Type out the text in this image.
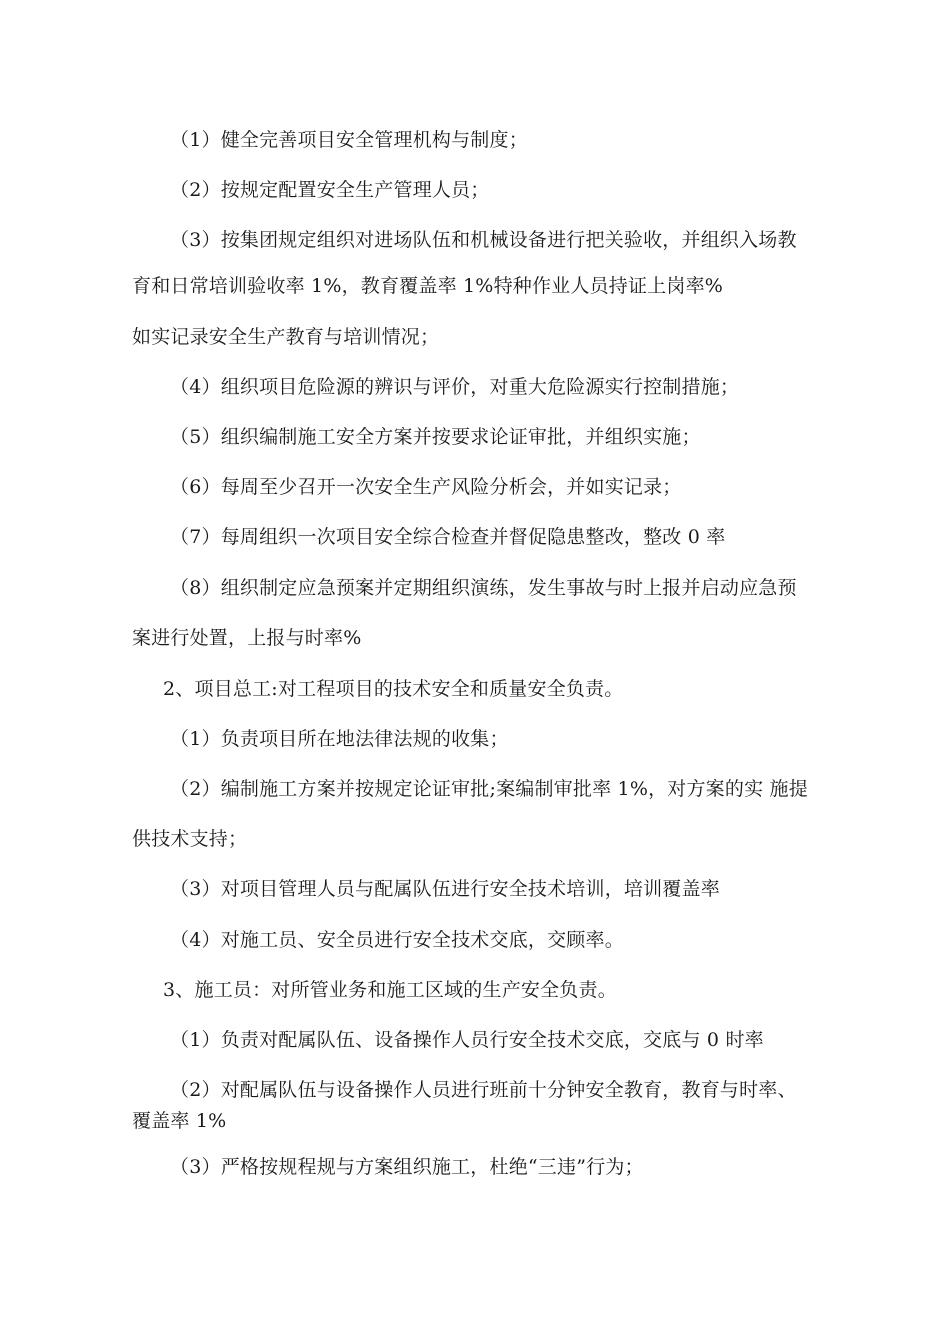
（1）健全完善项目安全管理机构与制度；
（2）按规定配置安全生产管理人员；
（3）按集团规定组织对进场队伍和机械设备进行把关验收，并组织入场教
育和日常培训验收率 1%，教育覆盖率 1%特种作业人员持证上岗率%
如实记录安全生产教育与培训情况；
（4）组织项目危险源的辨识与评价，对重大危险源实行控制措施；
（5）组织编制施工安全方案并按要求论证审批，并组织实施；
（6）每周至少召开一次安全生产风险分析会，并如实记录；
（7）每周组织一次项目安全综合检查并督促隐患整改，整改 0 率
（8）组织制定应急预案并定期组织演练，发生事故与时上报并启动应急预
案进行处置，上报与时率%
2、项目总工:对工程项目的技术安全和质量安全负责。
（1）负责项目所在地法律法规的收集；
（2）编制施工方案并按规定论证审批;案编制审批率 1%，对方案的实 施提
供技术支持；
（3）对项目管理人员与配属队伍进行安全技术培训，培训覆盖率
（4）对施工员、安全员进行安全技术交底，交顾率。
3、施工员：对所管业务和施工区域的生产安全负责。
（1）负责对配属队伍、设备操作人员行安全技术交底，交底与 0 时率
（2）对配属队伍与设备操作人员进行班前十分钟安全教育，教育与时率、
覆盖率 1%
（3）严格按规程规与方案组织施工，杜绝“三违”行为；
